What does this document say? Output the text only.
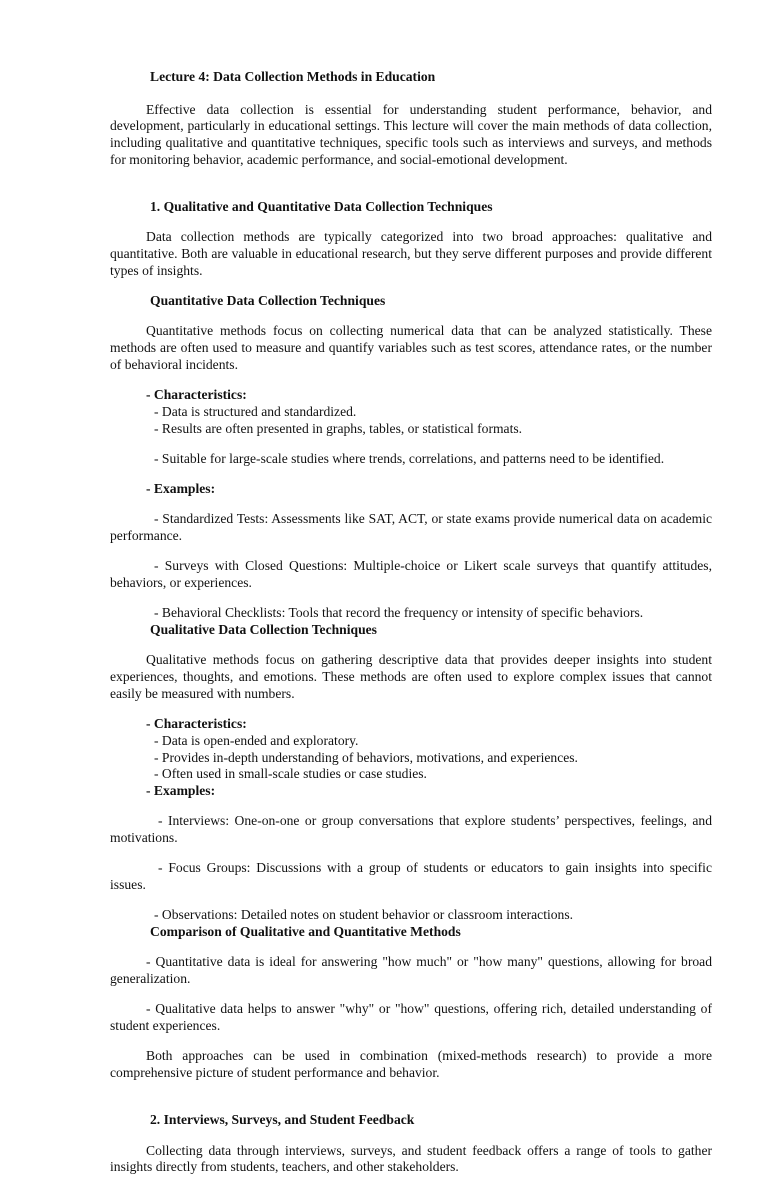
Lecture 4: Data Collection Methods in Education

Effective data collection is essential for understanding student performance, behavior, and development, particularly in educational settings. This lecture will cover the main methods of data collection, including qualitative and quantitative techniques, specific tools such as interviews and surveys, and methods for monitoring behavior, academic performance, and social-emotional development.

1. Qualitative and Quantitative Data Collection Techniques

Data collection methods are typically categorized into two broad approaches: qualitative and quantitative. Both are valuable in educational research, but they serve different purposes and provide different types of insights.

Quantitative Data Collection Techniques

Quantitative methods focus on collecting numerical data that can be analyzed statistically. These methods are often used to measure and quantify variables such as test scores, attendance rates, or the number of behavioral incidents.

- Characteristics:
- Data is structured and standardized.
- Results are often presented in graphs, tables, or statistical formats.

- Suitable for large-scale studies where trends, correlations, and patterns need to be identified.

- Examples:

- Standardized Tests: Assessments like SAT, ACT, or state exams provide numerical data on academic performance.

- Surveys with Closed Questions: Multiple-choice or Likert scale surveys that quantify attitudes, behaviors, or experiences.

- Behavioral Checklists: Tools that record the frequency or intensity of specific behaviors.
Qualitative Data Collection Techniques

Qualitative methods focus on gathering descriptive data that provides deeper insights into student experiences, thoughts, and emotions. These methods are often used to explore complex issues that cannot easily be measured with numbers.

- Characteristics:
- Data is open-ended and exploratory.
- Provides in-depth understanding of behaviors, motivations, and experiences.
- Often used in small-scale studies or case studies.
- Examples:

- Interviews: One-on-one or group conversations that explore students’ perspectives, feelings, and motivations.

- Focus Groups: Discussions with a group of students or educators to gain insights into specific issues.

- Observations: Detailed notes on student behavior or classroom interactions.
Comparison of Qualitative and Quantitative Methods

- Quantitative data is ideal for answering "how much" or "how many" questions, allowing for broad generalization.

- Qualitative data helps to answer "why" or "how" questions, offering rich, detailed understanding of student experiences.

Both approaches can be used in combination (mixed-methods research) to provide a more comprehensive picture of student performance and behavior.

2. Interviews, Surveys, and Student Feedback

Collecting data through interviews, surveys, and student feedback offers a range of tools to gather insights directly from students, teachers, and other stakeholders.
